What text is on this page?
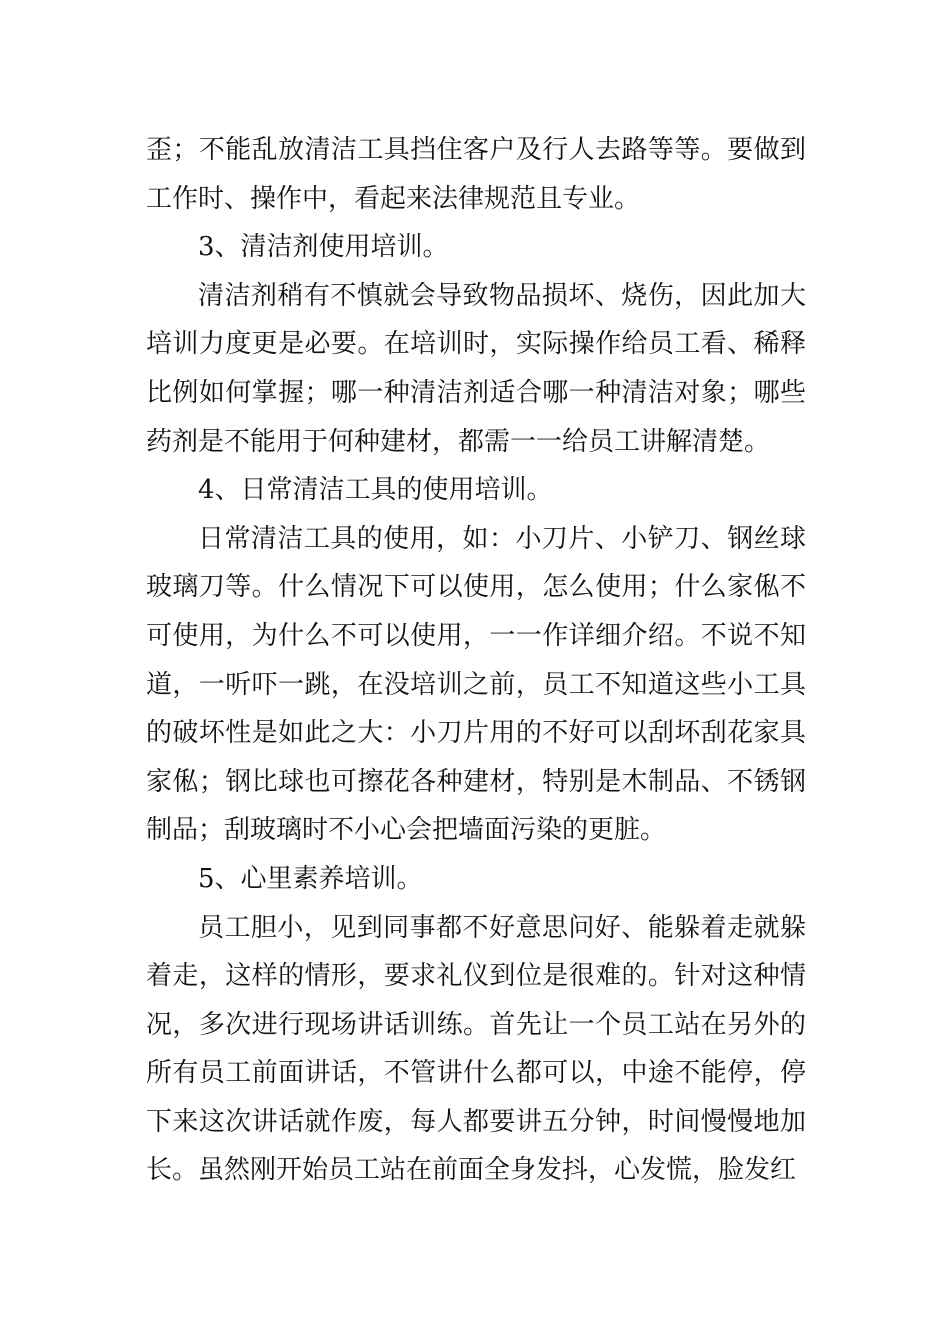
歪；不能乱放清洁工具挡住客户及行人去路等等。要做到工作时、操作中，看起来法律规范且专业。

3、清洁剂使用培训。

清洁剂稍有不慎就会导致物品损坏、烧伤，因此加大培训力度更是必要。在培训时，实际操作给员工看、稀释比例如何掌握；哪一种清洁剂适合哪一种清洁对象；哪些药剂是不能用于何种建材，都需一一给员工讲解清楚。

4、日常清洁工具的使用培训。

日常清洁工具的使用，如：小刀片、小铲刀、钢丝球玻璃刀等。什么情况下可以使用，怎么使用；什么家俬不可使用，为什么不可以使用，一一作详细介绍。不说不知道，一听吓一跳，在没培训之前，员工不知道这些小工具的破坏性是如此之大：小刀片用的不好可以刮坏刮花家具家俬；钢比球也可擦花各种建材，特别是木制品、不锈钢制品；刮玻璃时不小心会把墙面污染的更脏。

5、心里素养培训。

员工胆小，见到同事都不好意思问好、能躲着走就躲着走，这样的情形，要求礼仪到位是很难的。针对这种情况，多次进行现场讲话训练。首先让一个员工站在另外的所有员工前面讲话，不管讲什么都可以，中途不能停，停下来这次讲话就作废，每人都要讲五分钟，时间慢慢地加长。虽然刚开始员工站在前面全身发抖，心发慌，脸发红
